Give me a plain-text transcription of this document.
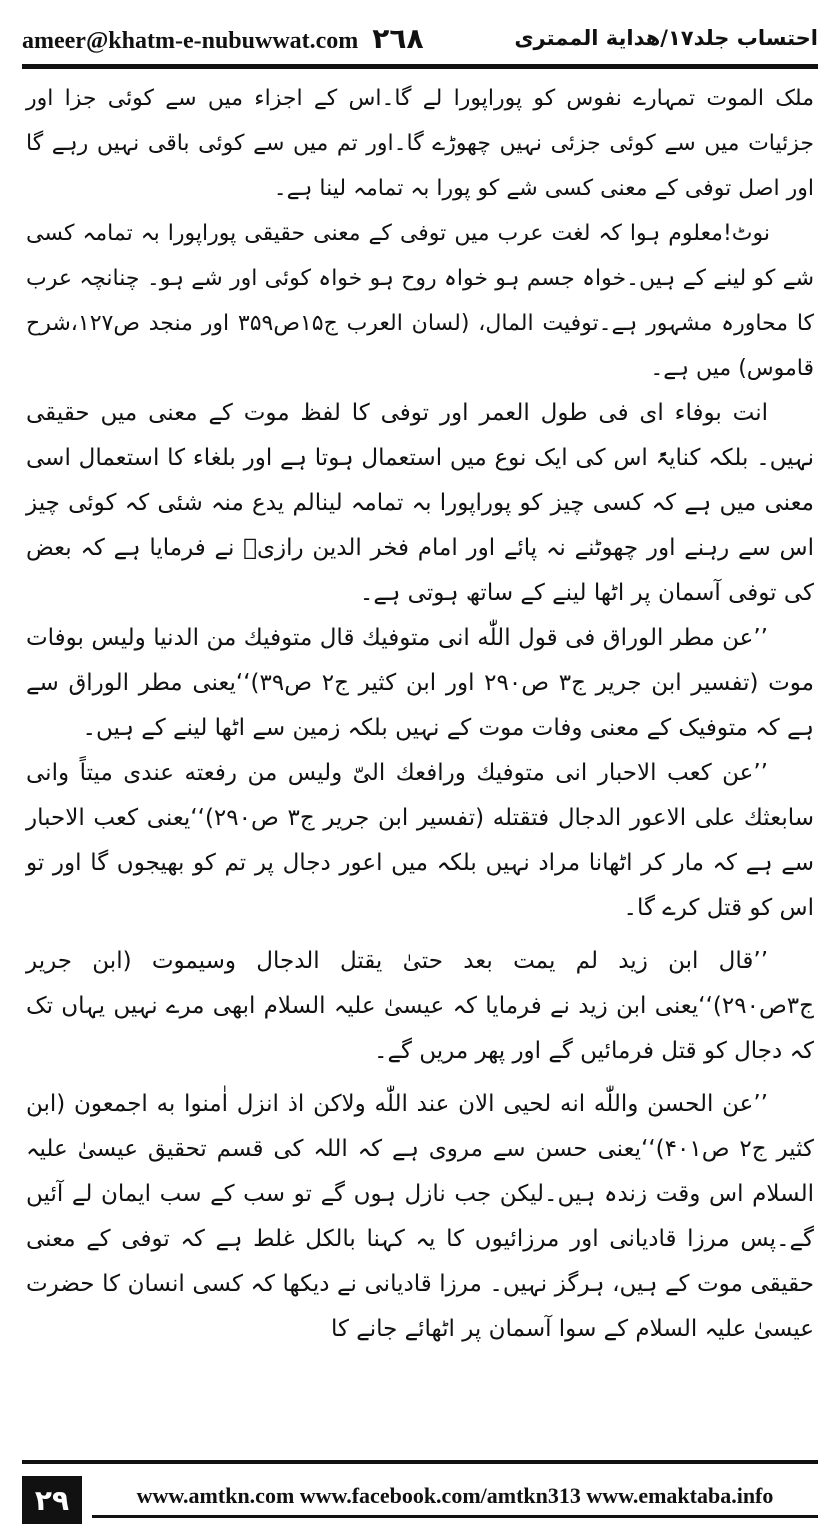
ameer@khatm-e-nubuwwat.com ۲٦۸	احتساب جلد۱۷/هداية الممترى

ملک الموت تمہارے نفوس کو پوراپورا لے گا۔اس کے اجزاء میں سے کوئی جزا اور جزئیات میں سے کوئی جزئی نہیں چھوڑے گا۔اور تم میں سے کوئی باقی نہیں رہے گا اور اصل توفی کے معنی کسی شے کو پورا بہ تمامہ لینا ہے۔

نوٹ!معلوم ہوا کہ لغت عرب میں توفی کے معنی حقیقی پوراپورا بہ تمامہ کسی شے کو لینے کے ہیں۔خواہ جسم ہو خواہ روح ہو خواہ کوئی اور شے ہو۔ چنانچہ عرب کا محاورہ مشہور ہے۔توفیت المال، (لسان العرب ج۱۵ص۳۵۹ اور منجد ص۱۲۷،شرح قاموس) میں ہے۔

انت بوفاء ای فی طول العمر اور توفی کا لفظ موت کے معنی میں حقیقی نہیں۔ بلکہ کنایۃً اس کی ایک نوع میں استعمال ہوتا ہے اور بلغاء کا استعمال اسی معنی میں ہے کہ کسی چیز کو پوراپورا بہ تمامہ لینالم یدع منہ شئی کہ کوئی چیز اس سے رہنے اور چھوٹنے نہ پائے اور امام فخر الدین رازیؒ نے فرمایا ہے کہ بعض کی توفی آسمان پر اٹھا لینے کے ساتھ ہوتی ہے۔

’’عن مطر الوراق فی قول اللّٰه انی متوفيك قال متوفيك من الدنيا وليس بوفات موت (تفسیر ابن جریر ج۳ ص۲۹۰ اور ابن کثیر ج۲ ص۳۹)‘‘یعنی مطر الوراق سے ہے کہ متوفیک کے معنی وفات موت کے نہیں بلکہ زمین سے اٹھا لینے کے ہیں۔

’’عن کعب الاحبار انی متوفيك ورافعك الیّ وليس من رفعته عندی ميتاً وانی سابعثك علی الاعور الدجال فتقتله (تفسیر ابن جریر ج۳ ص۲۹۰)‘‘یعنی کعب الاحبار سے ہے کہ مار کر اٹھانا مراد نہیں بلکہ میں اعور دجال پر تم کو بھیجوں گا اور تو اس کو قتل کرے گا۔

’’قال ابن زيد لم يمت بعد حتیٰ يقتل الدجال وسيموت (ابن جریر ج۳ص۲۹۰)‘‘یعنی ابن زید نے فرمایا کہ عیسیٰ علیہ السلام ابھی مرے نہیں یہاں تک کہ دجال کو قتل فرمائیں گے اور پھر مریں گے۔

’’عن الحسن واللّٰه انه لحيی الان عند اللّٰه ولاكن اذ انزل اٰمنوا به اجمعون (ابن کثیر ج۲ ص۴۰۱)‘‘یعنی حسن سے مروی ہے کہ اللہ کی قسم تحقیق عیسیٰ علیہ السلام اس وقت زندہ ہیں۔لیکن جب نازل ہوں گے تو سب کے سب ایمان لے آئیں گے۔پس مرزا قادیانی اور مرزائیوں کا یہ کہنا بالکل غلط ہے کہ توفی کے معنی حقیقی موت کے ہیں، ہرگز نہیں۔ مرزا قادیانی نے دیکھا کہ کسی انسان کا حضرت عیسیٰ علیہ السلام کے سوا آسمان پر اٹھائے جانے کا

۲۹	www.amtkn.com www.facebook.com/amtkn313 www.emaktaba.info
